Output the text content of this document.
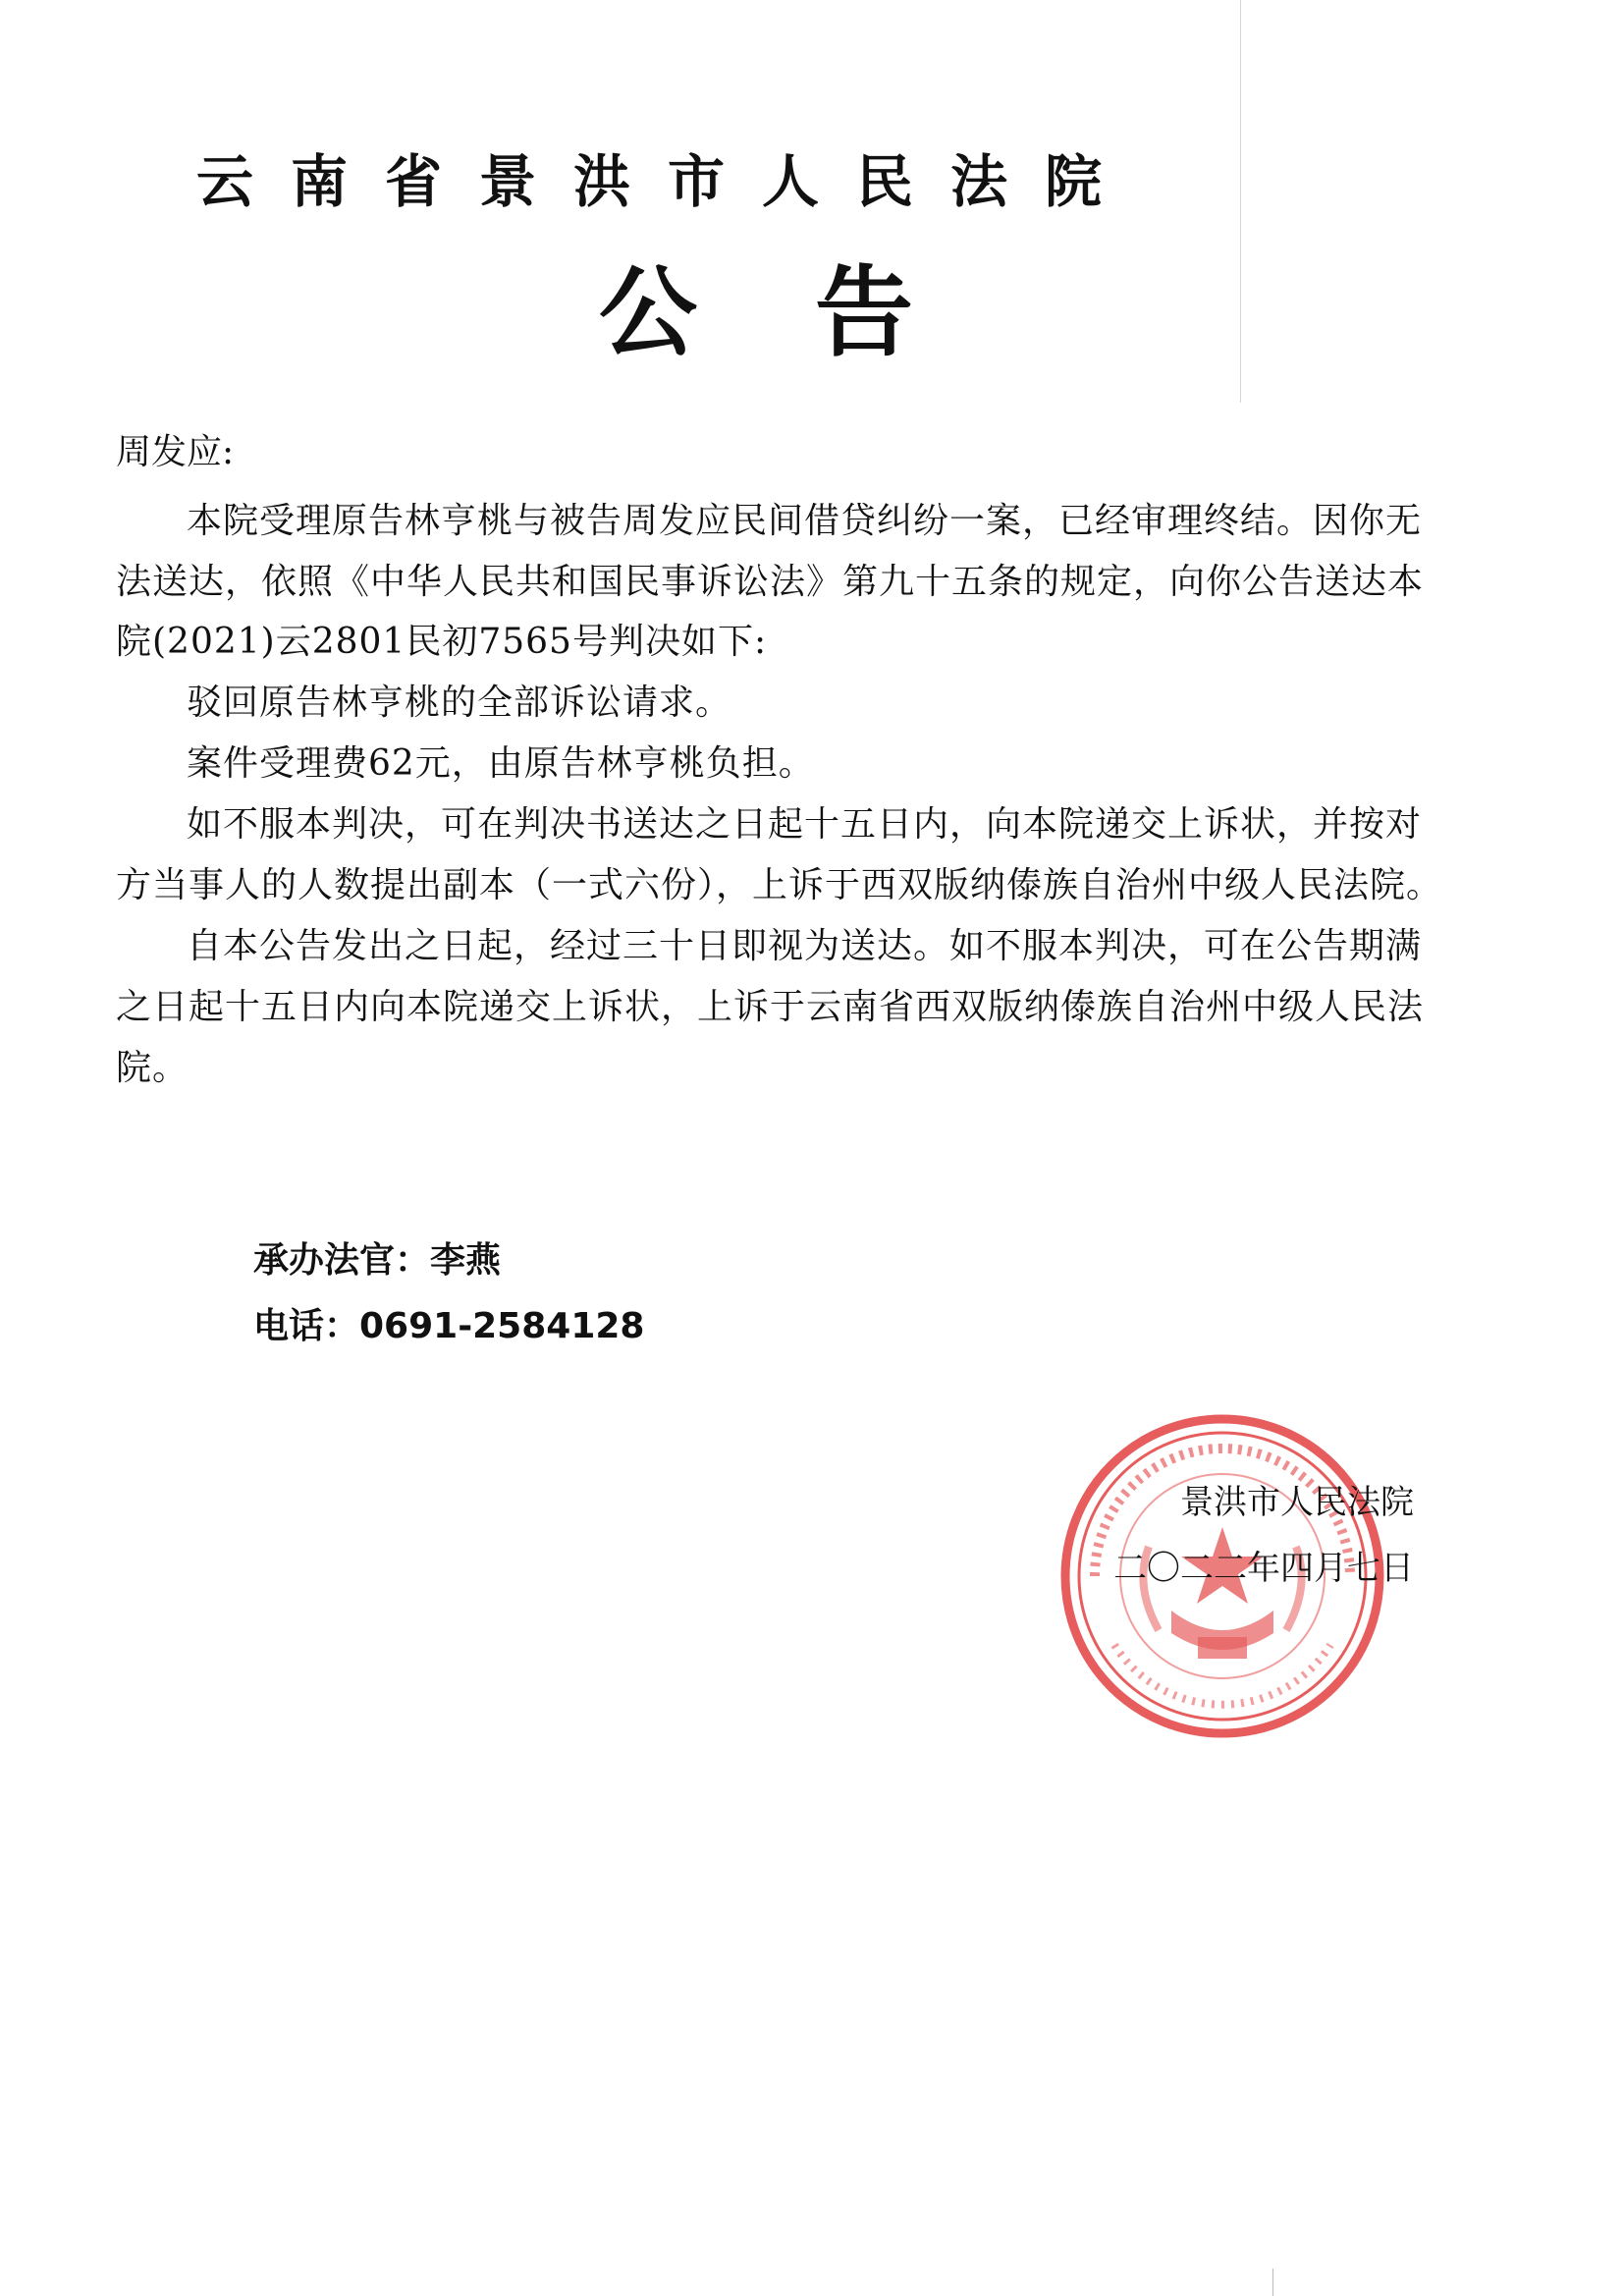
云南省景洪市人民法院
公告

周发应:

本院受理原告林亨桃与被告周发应民间借贷纠纷一案，已经审理终结。因你无法送达，依照《中华人民共和国民事诉讼法》第九十五条的规定，向你公告送达本院(2021)云2801民初7565号判决如下:

驳回原告林亨桃的全部诉讼请求。

案件受理费62元，由原告林亨桃负担。

如不服本判决，可在判决书送达之日起十五日内，向本院递交上诉状，并按对方当事人的人数提出副本（一式六份），上诉于西双版纳傣族自治州中级人民法院。

自本公告发出之日起，经过三十日即视为送达。如不服本判决，可在公告期满之日起十五日内向本院递交上诉状，上诉于云南省西双版纳傣族自治州中级人民法院。

承办法官：李燕
电话：0691-2584128
景洪市人民法院
二〇二二年四月七日
